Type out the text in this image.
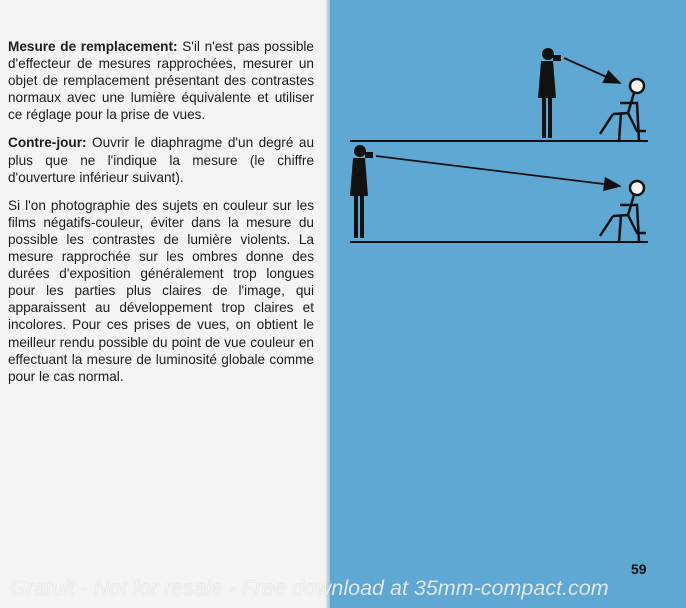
Mesure de remplacement: S'il n'est pas possible d'effecteur de mesures rapprochées, mesurer un objet de remplacement présentant des contrastes normaux avec une lumière équivalente et utiliser ce réglage pour la prise de vues.

Contre-jour: Ouvrir le diaphragme d'un degré au plus que ne l'indique la mesure (le chiffre d'ouverture inférieur suivant).

Si l'on photographie des sujets en couleur sur les films négatifs-couleur, éviter dans la mesure du possible les contrastes de lumière violents. La mesure rapprochée sur les ombres donne des durées d'exposition généralement trop longues pour les parties plus claires de l'image, qui apparaissent au développement trop claires et incolores. Pour ces prises de vues, on obtient le meilleur rendu possible du point de vue couleur en effectuant la mesure de luminosité globale comme pour le cas normal.

59
Gratuit - Not for resale - Free download at 35mm-compact.com
